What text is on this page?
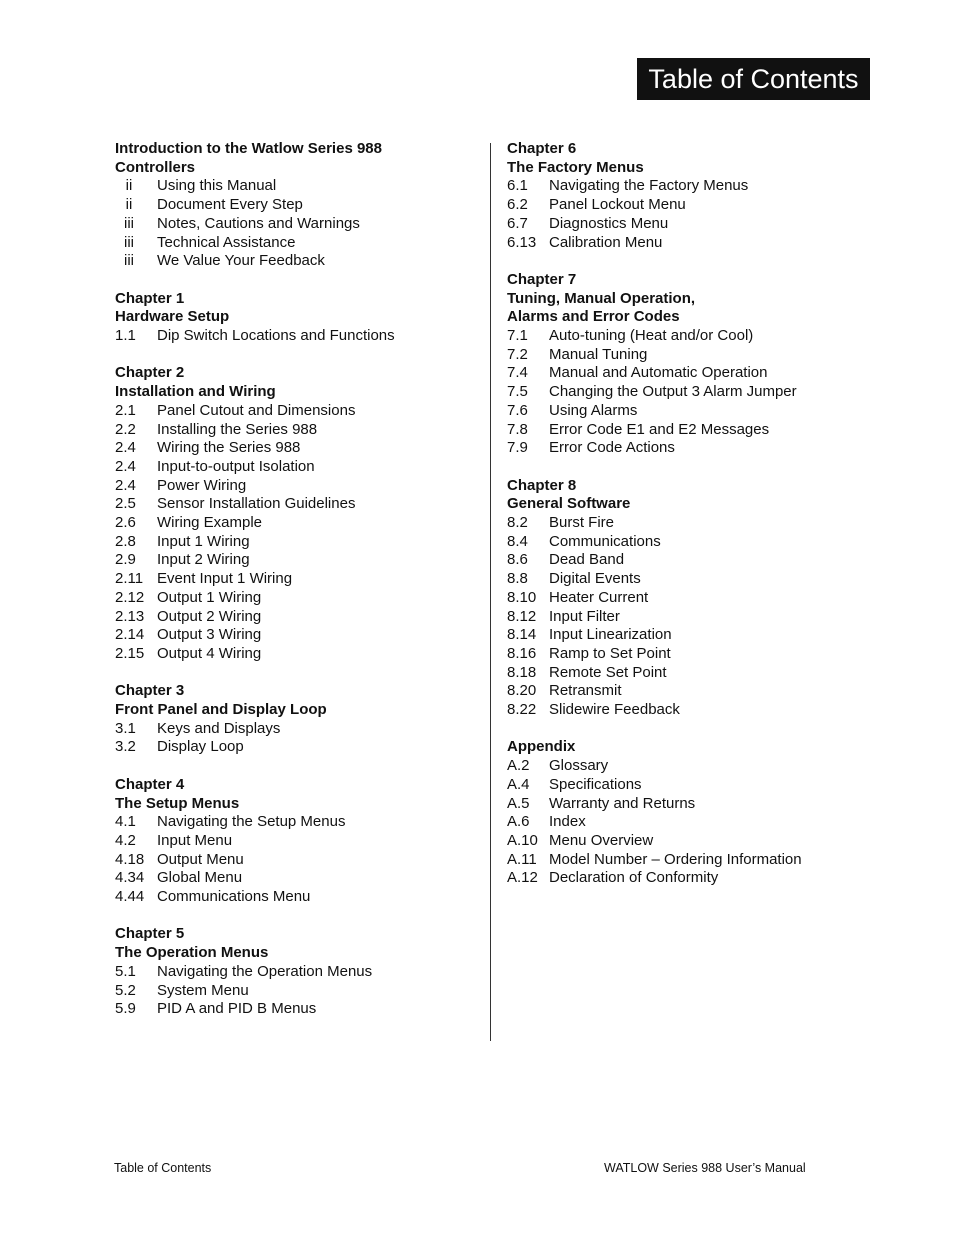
Table of Contents
Introduction to the Watlow Series 988
Controllers
ii	Using this Manual
ii	Document Every Step
iii	Notes, Cautions and Warnings
iii	Technical Assistance
iii	We Value Your Feedback
Chapter 1
Hardware Setup
1.1	Dip Switch Locations and Functions
Chapter 2
Installation and Wiring
2.1	Panel Cutout and Dimensions
2.2	Installing the Series 988
2.4	Wiring the Series 988
2.4	Input-to-output Isolation
2.4	Power Wiring
2.5	Sensor Installation Guidelines
2.6	Wiring Example
2.8	Input 1 Wiring
2.9	Input 2 Wiring
2.11 Event Input 1 Wiring
2.12 Output 1 Wiring
2.13 Output 2 Wiring
2.14 Output 3 Wiring
2.15 Output 4 Wiring
Chapter 3
Front Panel and Display Loop
3.1	Keys and Displays
3.2	Display Loop
Chapter 4
The Setup Menus
4.1	Navigating the Setup Menus
4.2	Input Menu
4.18 Output Menu
4.34 Global Menu
4.44 Communications Menu
Chapter 5
The Operation Menus
5.1	Navigating the Operation Menus
5.2	System Menu
5.9	PID A and PID B Menus
Chapter 6
The Factory Menus
6.1	Navigating the Factory Menus
6.2	Panel Lockout Menu
6.7	Diagnostics Menu
6.13 Calibration Menu
Chapter 7
Tuning, Manual Operation,
Alarms and Error Codes
7.1	Auto-tuning (Heat and/or Cool)
7.2	Manual Tuning
7.4	Manual and Automatic Operation
7.5	Changing the Output 3 Alarm Jumper
7.6	Using Alarms
7.8	Error Code E1 and E2 Messages
7.9	Error Code Actions
Chapter 8
General Software
8.2	Burst Fire
8.4	Communications
8.6	Dead Band
8.8	Digital Events
8.10 Heater Current
8.12 Input Filter
8.14 Input Linearization
8.16 Ramp to Set Point
8.18 Remote Set Point
8.20 Retransmit
8.22 Slidewire Feedback
Appendix
A.2	Glossary
A.4	Specifications
A.5	Warranty and Returns
A.6	Index
A.10 Menu Overview
A.11 Model Number – Ordering Information
A.12 Declaration of Conformity
Table of Contents	WATLOW Series 988 User’s Manual
